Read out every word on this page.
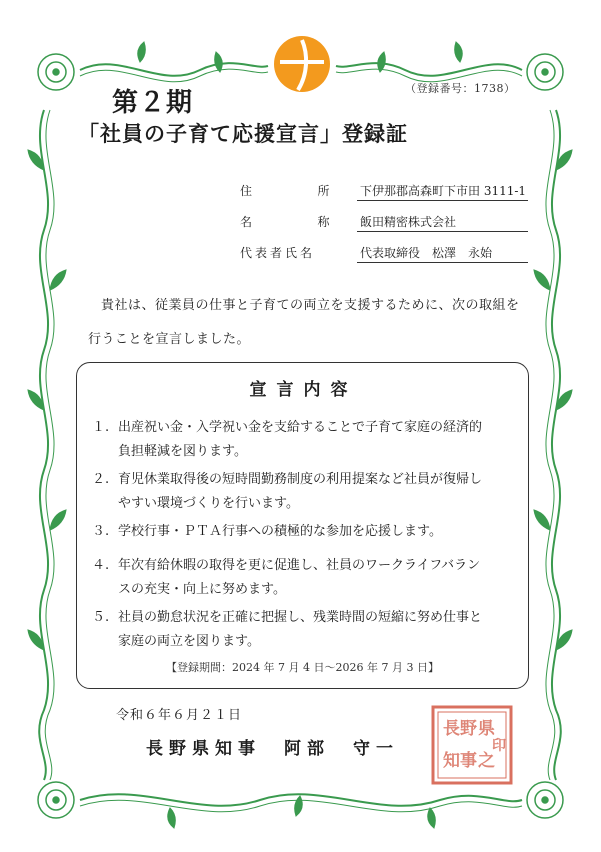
（登録番号：1738）
第２期
「社員の子育て応援宣言」登録証
住	所	下伊那郡高森町下市田 3111-1
名	称	飯田精密株式会社
代表者氏名	代表取締役　松澤　永始
貴社は、従業員の仕事と子育ての両立を支援するために、次の取組を
行うことを宣言しました。
宣言内容
１. 出産祝い金・入学祝い金を支給することで子育て家庭の経済的
負担軽減を図ります。
２. 育児休業取得後の短時間勤務制度の利用提案など社員が復帰し
やすい環境づくりを行います。
３. 学校行事・ＰＴＡ行事への積極的な参加を応援します。
４. 年次有給休暇の取得を更に促進し、社員のワークライフバラン
スの充実・向上に努めます。
５. 社員の勤怠状況を正確に把握し、残業時間の短縮に努め仕事と
家庭の両立を図ります。
【登録期間：2024 年 7 月 4 日～2026 年 7 月 3 日】
令和６年６月２１日
長野県知事　阿部　守一
県
之
長 野
知 事
印
